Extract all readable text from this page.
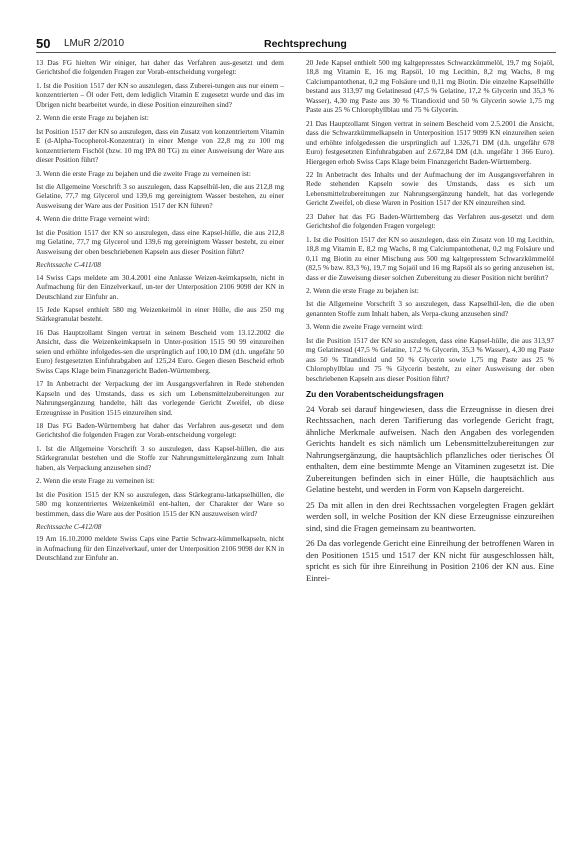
50 LMuR 2/2010	Rechtsprechung

13 Das FG hielten Wir einiger, hat daher das Verfahren aus-gesetzt und dem Gerichtshof die folgenden Fragen zur Vorab-entscheidung vorgelegt:

1. Ist die Position 1517 der KN so auszulegen, dass Zuberei-tungen aus nur einem – konzentrierten – Öl oder Fett, dem lediglich Vitamin E zugesetzt wurde und das im Übrigen nicht bearbeitet wurde, in diese Position einzureihen sind?

2. Wenn die erste Frage zu bejahen ist:

Ist Position 1517 der KN so auszulegen, dass ein Zusatz von konzentriertem Vitamin E (d-Alpha-Tocopherol-Konzentrat) in einer Menge von 22,8 mg zu 100 mg konzentriertem Fischöl (bzw. 10 mg IPA 80 TG) zu einer Ausweisung der Ware aus dieser Position führt?

3. Wenn die erste Frage zu bejahen und die zweite Frage zu verneinen ist:

Ist die Allgemeine Vorschrift 3 so auszulegen, dass Kapselhül-len, die aus 212,8 mg Gelatine, 77,7 mg Glycerol und 139,6 mg gereinigtem Wasser bestehen, zu einer Ausweisung der Ware aus der Position 1517 der KN führen?

4. Wenn die dritte Frage verneint wird:

Ist die Position 1517 der KN so auszulegen, dass eine Kapsel-hülle, die aus 212,8 mg Gelatine, 77,7 mg Glycerol und 139,6 mg gereinigtem Wasser besteht, zu einer Ausweisung der oben beschriebenen Kapseln aus dieser Position führt?

Rechtssache C-411/08

14 Swiss Caps meldete am 30.4.2001 eine Anlasse Weizen-keimkapseln, nicht in Aufmachung für den Einzelverkauf, un-ter der Unterposition 2106 9098 der KN in Deutschland zur Einfuhr an.

15 Jede Kapsel enthielt 580 mg Weizenkeimöl in einer Hülle, die aus 250 mg Stärkegranulat besteht.

16 Das Hauptzollamt Singen vertrat in seinem Bescheid vom 13.12.2002 die Ansicht, dass die Weizenkeimkapseln in Unter-position 1515 90 99 einzureihen seien und erhöhte infolgedes-sen die ursprünglich auf 100,10 DM (d.h. ungefähr 50 Euro) festgesetzten Einfuhrabgaben auf 125,24 Euro. Gegen diesen Bescheid erhob Swiss Caps Klage beim Finanzgericht Baden-Württemberg.

17 In Anbetracht der Verpackung der im Ausgangsverfahren in Rede stehenden Kapseln und des Umstands, dass es sich um Lebensmittelzubereitungen zur Nahrungsergänzung handelte, hält das vorlegende Gericht Zweifel, ob diese Erzeugnisse in Position 1515 einzureihen sind.

18 Das FG Baden-Württemberg hat daher das Verfahren aus-gesetzt und dem Gerichtshof die folgenden Fragen zur Vorab-entscheidung vorgelegt:

1. Ist die Allgemeine Vorschrift 3 so auszulegen, dass Kapsel-hüllen, die aus Stärkegranulat bestehen und die Stoffe zur Nahrungsmittelergänzung zum Inhalt haben, als Verpackung anzusehen sind?

2. Wenn die erste Frage zu verneinen ist:

Ist die Position 1515 der KN so auszulegen, dass Stärkegranu-latkapselhüllen, die 580 mg konzentriertes Weizenkeimöl ent-halten, der Charakter der Ware so bestimmen, dass die Ware aus der Position 1515 der KN auszuweisen wird?

Rechtssache C-412/08

19 Am 16.10.2000 meldete Swiss Caps eine Partie Schwarz-kümmelkapseln, nicht in Aufmachung für den Einzelverkauf, unter der Unterposition 2106 9098 der KN in Deutschland zur Einfuhr an.

20 Jede Kapsel enthielt 500 mg kaltgepresstes Schwarzkümmelöl, 19,7 mg Sojaöl, 18,8 mg Vitamin E, 16 mg Rapsöl, 10 mg Lecithin, 8,2 mg Wachs, 8 mg Calciumpantothenat, 0,2 mg Folsäure und 0,11 mg Biotin. Die einzelne Kapselhülle bestand aus 313,97 mg Gelatinesud (47,5 % Gelatine, 17,2 % Glycerin und 35,3 % Wasser), 4,30 mg Paste aus 30 % Titandioxid und 50 % Glycerin sowie 1,75 mg Paste aus 25 % Chlorophyllblau und 75 % Glycerin.

21 Das Hauptzollamt Singen vertrat in seinem Bescheid vom 2.5.2001 die Ansicht, dass die Schwarzkümmelkapseln in Unterposition 1517 9099 KN einzureihen seien und erhöhte infolgedessen die ursprünglich auf 1.326,71 DM (d.h. ungefähr 678 Euro) festgesetzten Einfuhrabgaben auf 2.672,84 DM (d.h. ungefähr 1 366 Euro). Hiergegen erhob Swiss Caps Klage beim Finanzgericht Baden-Württemberg.

22 In Anbetracht des Inhalts und der Aufmachung der im Ausgangsverfahren in Rede stehenden Kapseln sowie des Umstands, dass es sich um Lebensmittelzubereitungen zur Nahrungsergänzung handelt, hat das vorlegende Gericht Zweifel, ob diese Waren in Position 1517 der KN einzureihen sind.

23 Daher hat das FG Baden-Württemberg das Verfahren aus-gesetzt und dem Gerichtshof die folgenden Fragen vorgelegt:

1. Ist die Position 1517 der KN so auszulegen, dass ein Zusatz von 10 mg Lecithin, 18,8 mg Vitamin E, 8,2 mg Wachs, 8 mg Calciumpantothenat, 0,2 mg Folsäure und 0,11 mg Biotin zu einer Mischung aus 500 mg kaltgepresstem Schwarzkümmelöl (82,5 % bzw. 83,3 %), 19,7 mg Sojaöl und 16 mg Rapsöl als so gering anzusehen ist, dass er die Zuweisung dieser solchen Zubereitung zu dieser Position nicht berührt?

2. Wenn die erste Frage zu bejahen ist:

Ist die Allgemeine Vorschrift 3 so auszulegen, dass Kapselhül-len, die die oben genannten Stoffe zum Inhalt haben, als Verpa-ckung anzusehen sind?

3. Wenn die zweite Frage verneint wird:

Ist die Position 1517 der KN so auszulegen, dass eine Kapsel-hülle, die aus 313,97 mg Gelatinesud (47,5 % Gelatine, 17,2 % Glycerin, 35,3 % Wasser), 4,30 mg Paste aus 50 % Titandioxid und 50 % Glycerin sowie 1,75 mg Paste aus 25 % Chlorophyllblau und 75 % Glycerin besteht, zu einer Ausweisung der oben beschriebenen Kapseln aus dieser Position führt?

Zu den Vorabentscheidungsfragen

24 Vorab sei darauf hingewiesen, dass die Erzeugnisse in diesen drei Rechtssachen, nach deren Tarifierung das vorlegende Gericht fragt, ähnliche Merkmale aufweisen. Nach den Angaben des vorlegenden Gerichts handelt es sich nämlich um Lebensmittelzubereitungen zur Nahrungsergänzung, die hauptsächlich pflanzliches oder tierisches Öl enthalten, dem eine bestimmte Menge an Vitaminen zugesetzt ist. Die Zubereitungen befinden sich in einer Hülle, die hauptsächlich aus Gelatine besteht, und werden in Form von Kapseln dargereicht.

25 Da mit allen in den drei Rechtssachen vorgelegten Fragen geklärt werden soll, in welche Position der KN diese Erzeugnisse einzureihen sind, sind die Fragen gemeinsam zu beantworten.

26 Da das vorlegende Gericht eine Einreihung der betroffenen Waren in den Positionen 1515 und 1517 der KN nicht für ausgeschlossen hält, spricht es sich für ihre Einreihung in Position 2106 der KN aus. Eine Einrei-
